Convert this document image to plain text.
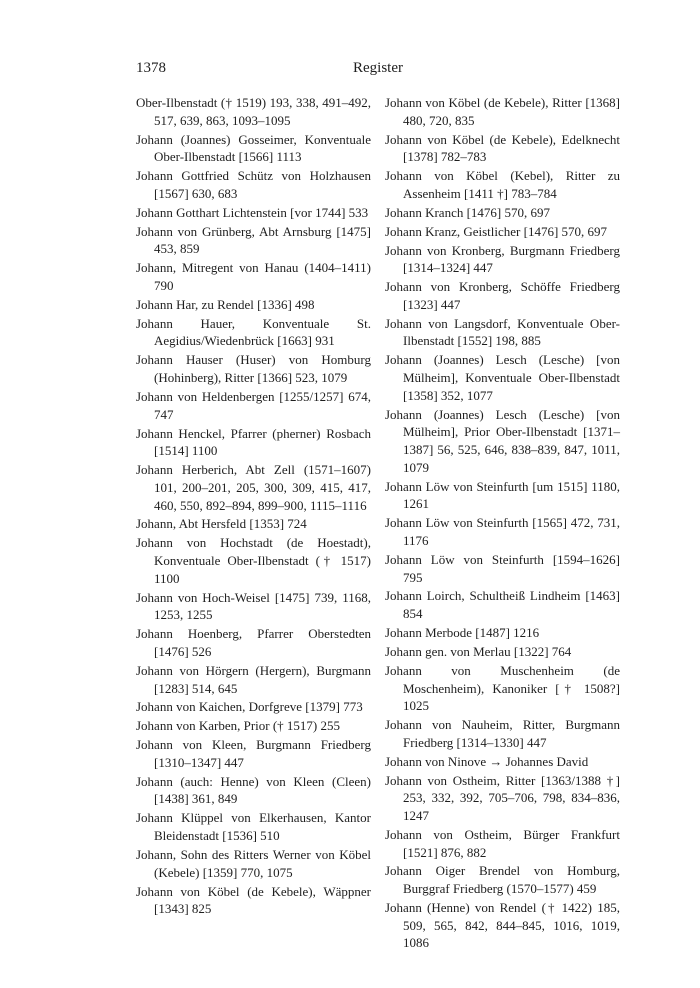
1378	Register

Ober-Ilbenstadt († 1519) 193, 338, 491–492, 517, 639, 863, 1093–1095

Johann (Joannes) Gosseimer, Konventuale Ober-Ilbenstadt [1566] 1113

Johann Gottfried Schütz von Holzhausen [1567] 630, 683

Johann Gotthart Lichtenstein [vor 1744] 533

Johann von Grünberg, Abt Arnsburg [1475] 453, 859

Johann, Mitregent von Hanau (1404–1411) 790

Johann Har, zu Rendel [1336] 498

Johann Hauer, Konventuale St. Aegidius/Wiedenbrück [1663] 931

Johann Hauser (Huser) von Homburg (Hohinberg), Ritter [1366] 523, 1079

Johann von Heldenbergen [1255/1257] 674, 747

Johann Henckel, Pfarrer (pherner) Rosbach [1514] 1100

Johann Herberich, Abt Zell (1571–1607) 101, 200–201, 205, 300, 309, 415, 417, 460, 550, 892–894, 899–900, 1115–1116

Johann, Abt Hersfeld [1353] 724

Johann von Hochstadt (de Hoestadt), Konventuale Ober-Ilbenstadt († 1517) 1100

Johann von Hoch-Weisel [1475] 739, 1168, 1253, 1255

Johann Hoenberg, Pfarrer Oberstedten [1476] 526

Johann von Hörgern (Hergern), Burgmann [1283] 514, 645

Johann von Kaichen, Dorfgreve [1379] 773

Johann von Karben, Prior († 1517) 255

Johann von Kleen, Burgmann Friedberg [1310–1347] 447

Johann (auch: Henne) von Kleen (Cleen) [1438] 361, 849

Johann Klüppel von Elkerhausen, Kantor Bleidenstadt [1536] 510

Johann, Sohn des Ritters Werner von Köbel (Kebele) [1359] 770, 1075

Johann von Köbel (de Kebele), Wäppner [1343] 825

Johann von Köbel (de Kebele), Ritter [1368] 480, 720, 835

Johann von Köbel (de Kebele), Edelknecht [1378] 782–783

Johann von Köbel (Kebel), Ritter zu Assenheim [1411 †] 783–784

Johann Kranch [1476] 570, 697

Johann Kranz, Geistlicher [1476] 570, 697

Johann von Kronberg, Burgmann Friedberg [1314–1324] 447

Johann von Kronberg, Schöffe Friedberg [1323] 447

Johann von Langsdorf, Konventuale Ober-Ilbenstadt [1552] 198, 885

Johann (Joannes) Lesch (Lesche) [von Mülheim], Konventuale Ober-Ilbenstadt [1358] 352, 1077

Johann (Joannes) Lesch (Lesche) [von Mülheim], Prior Ober-Ilbenstadt [1371–1387] 56, 525, 646, 838–839, 847, 1011, 1079

Johann Löw von Steinfurth [um 1515] 1180, 1261

Johann Löw von Steinfurth [1565] 472, 731, 1176

Johann Löw von Steinfurth [1594–1626] 795

Johann Loirch, Schultheiß Lindheim [1463] 854

Johann Merbode [1487] 1216

Johann gen. von Merlau [1322] 764

Johann von Muschenheim (de Moschenheim), Kanoniker [† 1508?] 1025

Johann von Nauheim, Ritter, Burgmann Friedberg [1314–1330] 447

Johann von Ninove → Johannes David

Johann von Ostheim, Ritter [1363/1388 †] 253, 332, 392, 705–706, 798, 834–836, 1247

Johann von Ostheim, Bürger Frankfurt [1521] 876, 882

Johann Oiger Brendel von Homburg, Burggraf Friedberg (1570–1577) 459

Johann (Henne) von Rendel († 1422) 185, 509, 565, 842, 844–845, 1016, 1019, 1086
